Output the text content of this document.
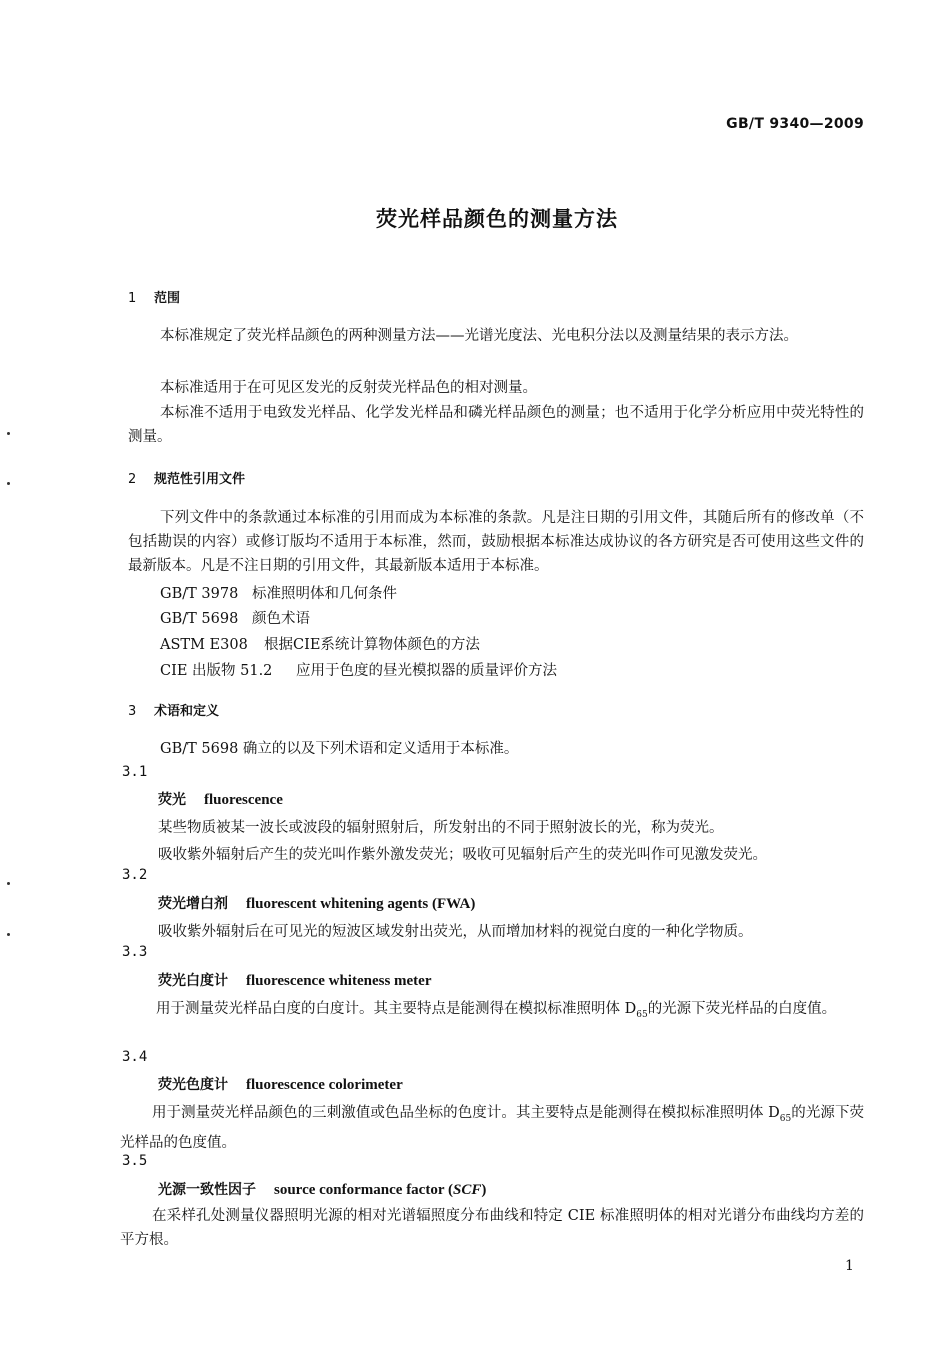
GB/T 9340—2009
荧光样品颜色的测量方法
1 范围
本标准规定了荧光样品颜色的两种测量方法——光谱光度法、光电积分法以及测量结果的表示方法。
本标准适用于在可见区发光的反射荧光样品色的相对测量。
本标准不适用于电致发光样品、化学发光样品和磷光样品颜色的测量；也不适用于化学分析应用中荧光特性的测量。
2 规范性引用文件
下列文件中的条款通过本标准的引用而成为本标准的条款。凡是注日期的引用文件，其随后所有的修改单（不包括勘误的内容）或修订版均不适用于本标准，然而，鼓励根据本标准达成协议的各方研究是否可使用这些文件的最新版本。凡是不注日期的引用文件，其最新版本适用于本标准。
GB/T 3978 标准照明体和几何条件
GB/T 5698 颜色术语
ASTM E308 根据CIE系统计算物体颜色的方法
CIE 出版物 51.2 应用于色度的昼光模拟器的质量评价方法
3 术语和定义
GB/T 5698 确立的以及下列术语和定义适用于本标准。
3.1
荧光 fluorescence
某些物质被某一波长或波段的辐射照射后，所发射出的不同于照射波长的光，称为荧光。
吸收紫外辐射后产生的荧光叫作紫外激发荧光；吸收可见辐射后产生的荧光叫作可见激发荧光。
3.2
荧光增白剂 fluorescent whitening agents (FWA)
吸收紫外辐射后在可见光的短波区域发射出荧光，从而增加材料的视觉白度的一种化学物质。
3.3
荧光白度计 fluorescence whiteness meter
用于测量荧光样品白度的白度计。其主要特点是能测得在模拟标准照明体 $D_{65}$的光源下荧光样品的白度值。
3.4
荧光色度计 fluorescence colorimeter
用于测量荧光样品颜色的三刺激值或色品坐标的色度计。其主要特点是能测得在模拟标准照明体 $D_{65}$的光源下荧光样品的色度值。
3.5
光源一致性因子 source conformance factor (SCF)
在采样孔处测量仪器照明光源的相对光谱辐照度分布曲线和特定 CIE 标准照明体的相对光谱分布曲线均方差的平方根。
1
